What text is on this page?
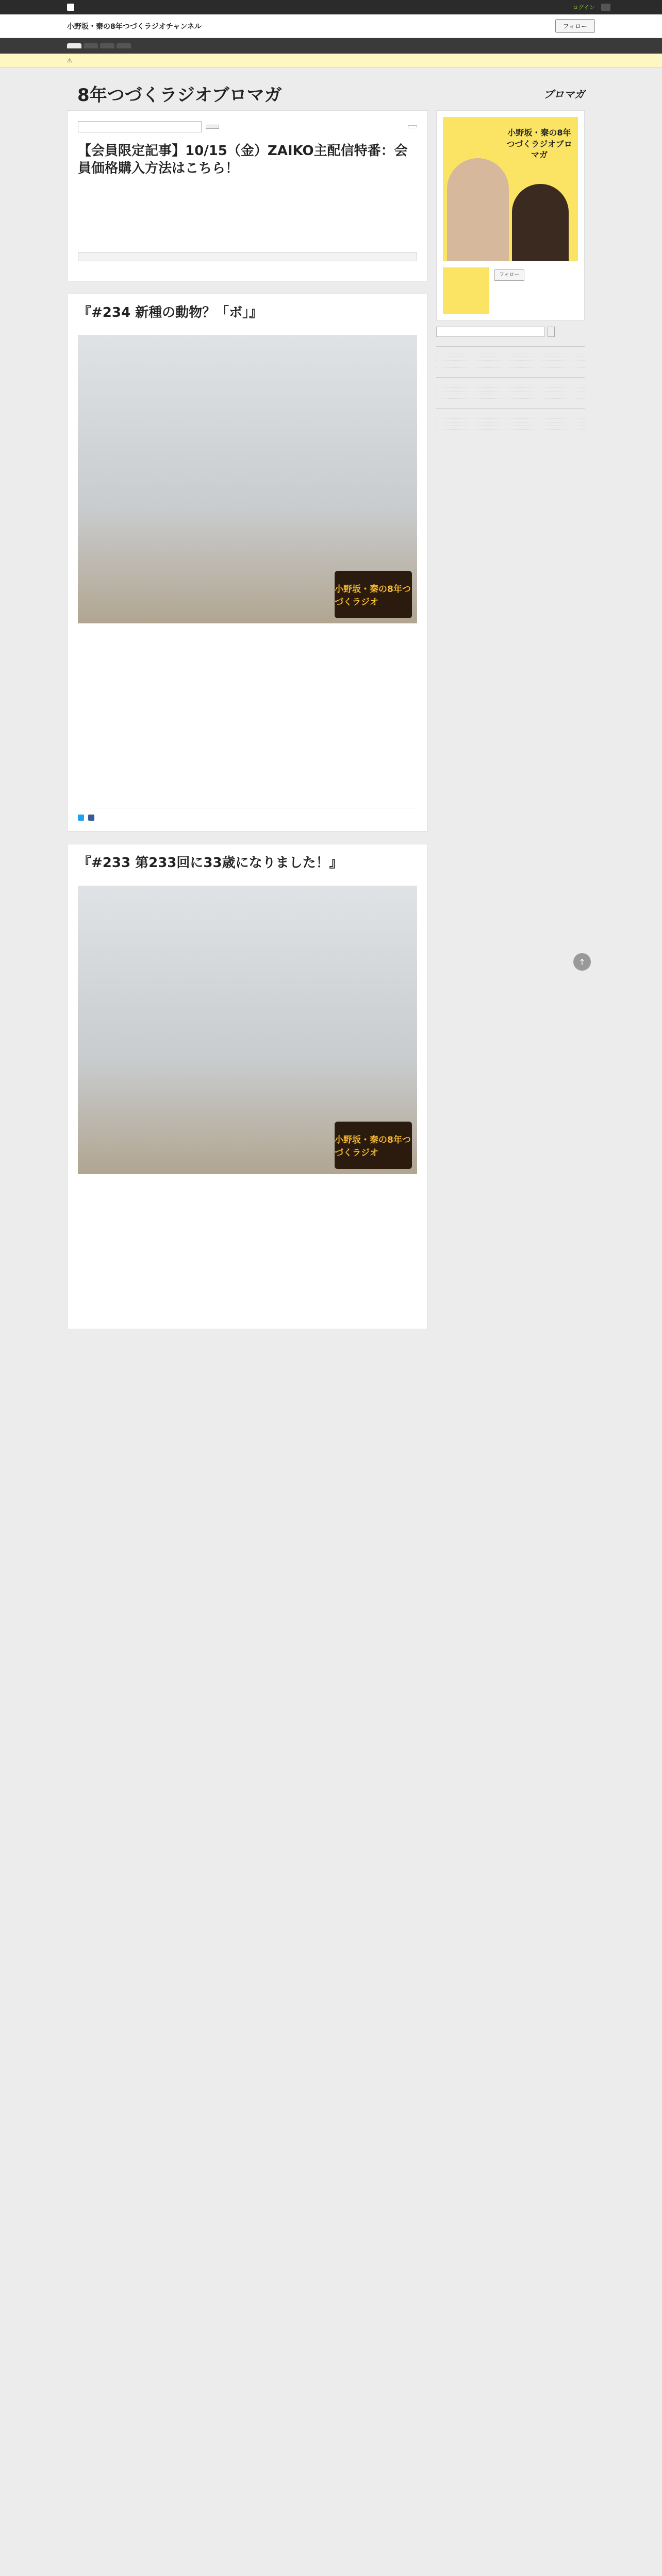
ログイン
小野坂・秦の8年つづくラジオチャンネル	フォロー
⚠
8年つづくラジオブロマガ	ブロマガ
【会員限定記事】10/15（金）ZAIKO主配信特番：会員価格購入方法はこちら！
『#234 新種の動物？「ボ」』
小野坂・秦の8年つづくラジオ
『#233 第233回に33歳になりました！』
小野坂・秦の8年つづくラジオ
小野坂・秦の8年つづくラジオブロマガ
フォロー
↑
